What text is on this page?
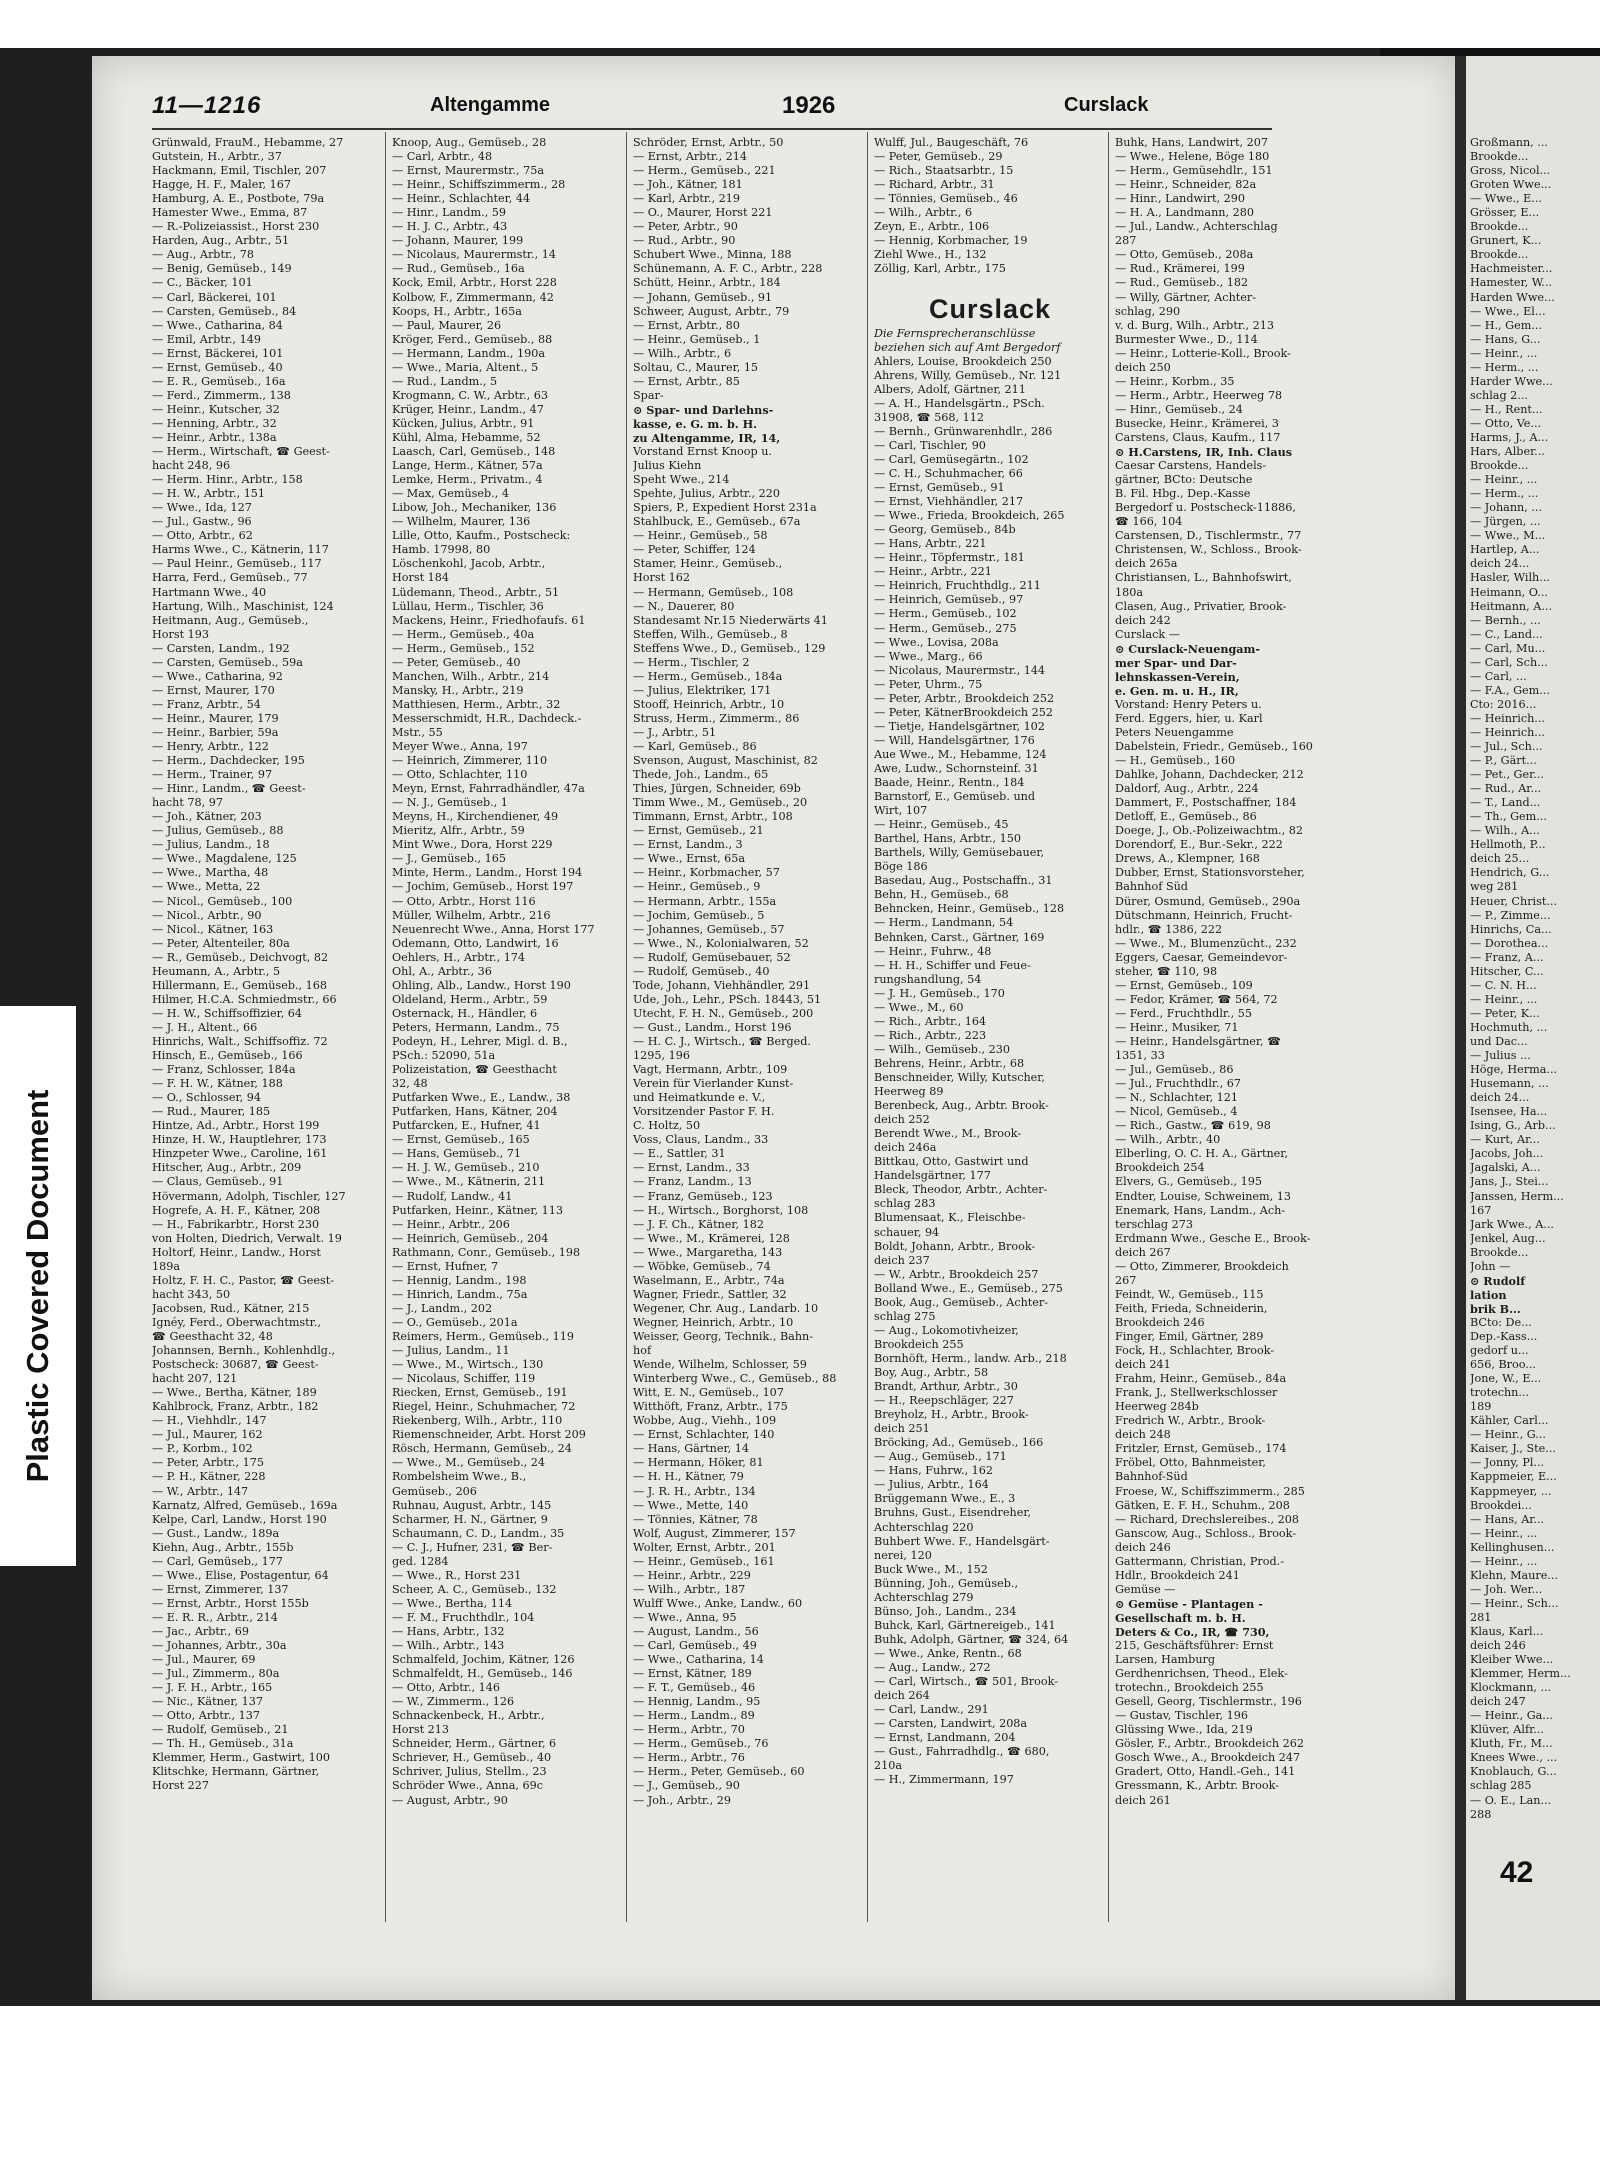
Plastic Covered Document
11—1216	Altengamme	1926	Curslack
Grünwald, FrauM., Hebamme, 27
Gutstein, H., Arbtr., 37
Hackmann, Emil, Tischler, 207
Hagge, H. F., Maler, 167
Hamburg, A. E., Postbote, 79a
Hamester Wwe., Emma, 87
— R.-Polizeiassist., Horst 230
Harden, Aug., Arbtr., 51
— Aug., Arbtr., 78
— Benig, Gemüseb., 149
— C., Bäcker, 101
— Carl, Bäckerei, 101
— Carsten, Gemüseb., 84
— Wwe., Catharina, 84
— Emil, Arbtr., 149
— Ernst, Bäckerei, 101
— Ernst, Gemüseb., 40
— E. R., Gemüseb., 16a
— Ferd., Zimmerm., 138
— Heinr., Kutscher, 32
— Henning, Arbtr., 32
— Heinr., Arbtr., 138a
— Herm., Wirtschaft, ☎ Geest-
hacht 248, 96
— Herm. Hinr., Arbtr., 158
— H. W., Arbtr., 151
— Wwe., Ida, 127
— Jul., Gastw., 96
— Otto, Arbtr., 62
Harms Wwe., C., Kätnerin, 117
— Paul Heinr., Gemüseb., 117
Harra, Ferd., Gemüseb., 77
Hartmann Wwe., 40
Hartung, Wilh., Maschinist, 124
Heitmann, Aug., Gemüseb.,
Horst 193
— Carsten, Landm., 192
— Carsten, Gemüseb., 59a
— Wwe., Catharina, 92
— Ernst, Maurer, 170
— Franz, Arbtr., 54
— Heinr., Maurer, 179
— Heinr., Barbier, 59a
— Henry, Arbtr., 122
— Herm., Dachdecker, 195
— Herm., Trainer, 97
— Hinr., Landm., ☎ Geest-
hacht 78, 97
— Joh., Kätner, 203
— Julius, Gemüseb., 88
— Julius, Landm., 18
— Wwe., Magdalene, 125
— Wwe., Martha, 48
— Wwe., Metta, 22
— Nicol., Gemüseb., 100
— Nicol., Arbtr., 90
— Nicol., Kätner, 163
— Peter, Altenteiler, 80a
— R., Gemüseb., Deichvogt, 82
Heumann, A., Arbtr., 5
Hillermann, E., Gemüseb., 168
Hilmer, H.C.A. Schmiedmstr., 66
— H. W., Schiffsoffizier, 64
— J. H., Altent., 66
Hinrichs, Walt., Schiffsoffiz. 72
Hinsch, E., Gemüseb., 166
— Franz, Schlosser, 184a
— F. H. W., Kätner, 188
— O., Schlosser, 94
— Rud., Maurer, 185
Hintze, Ad., Arbtr., Horst 199
Hinze, H. W., Hauptlehrer, 173
Hinzpeter Wwe., Caroline, 161
Hitscher, Aug., Arbtr., 209
— Claus, Gemüseb., 91
Hövermann, Adolph, Tischler, 127
Hogrefe, A. H. F., Kätner, 208
— H., Fabrikarbtr., Horst 230
von Holten, Diedrich, Verwalt. 19
Holtorf, Heinr., Landw., Horst
189a
Holtz, F. H. C., Pastor, ☎ Geest-
hacht 343, 50
Jacobsen, Rud., Kätner, 215
Ignéy, Ferd., Oberwachtmstr.,
☎ Geesthacht 32, 48
Johannsen, Bernh., Kohlenhdlg.,
Postscheck: 30687, ☎ Geest-
hacht 207, 121
— Wwe., Bertha, Kätner, 189
Kahlbrock, Franz, Arbtr., 182
— H., Viehhdlr., 147
— Jul., Maurer, 162
— P., Korbm., 102
— Peter, Arbtr., 175
— P. H., Kätner, 228
— W., Arbtr., 147
Karnatz, Alfred, Gemüseb., 169a
Kelpe, Carl, Landw., Horst 190
— Gust., Landw., 189a
Kiehn, Aug., Arbtr., 155b
— Carl, Gemüseb., 177
— Wwe., Elise, Postagentur, 64
— Ernst, Zimmerer, 137
— Ernst, Arbtr., Horst 155b
— E. R. R., Arbtr., 214
— Jac., Arbtr., 69
— Johannes, Arbtr., 30a
— Jul., Maurer, 69
— Jul., Zimmerm., 80a
— J. F. H., Arbtr., 165
— Nic., Kätner, 137
— Otto, Arbtr., 137
— Rudolf, Gemüseb., 21
— Th. H., Gemüseb., 31a
Klemmer, Herm., Gastwirt, 100
Klitschke, Hermann, Gärtner,
Horst 227
Knoop, Aug., Gemüseb., 28
— Carl, Arbtr., 48
— Ernst, Maurermstr., 75a
— Heinr., Schiffszimmerm., 28
— Heinr., Schlachter, 44
— Hinr., Landm., 59
— H. J. C., Arbtr., 43
— Johann, Maurer, 199
— Nicolaus, Maurermstr., 14
— Rud., Gemüseb., 16a
Kock, Emil, Arbtr., Horst 228
Kolbow, F., Zimmermann, 42
Koops, H., Arbtr., 165a
— Paul, Maurer, 26
Kröger, Ferd., Gemüseb., 88
— Hermann, Landm., 190a
— Wwe., Maria, Altent., 5
— Rud., Landm., 5
Krogmann, C. W., Arbtr., 63
Krüger, Heinr., Landm., 47
Kücken, Julius, Arbtr., 91
Kühl, Alma, Hebamme, 52
Laasch, Carl, Gemüseb., 148
Lange, Herm., Kätner, 57a
Lemke, Herm., Privatm., 4
— Max, Gemüseb., 4
Libow, Joh., Mechaniker, 136
— Wilhelm, Maurer, 136
Lille, Otto, Kaufm., Postscheck:
Hamb. 17998, 80
Löschenkohl, Jacob, Arbtr.,
Horst 184
Lüdemann, Theod., Arbtr., 51
Lüllau, Herm., Tischler, 36
Mackens, Heinr., Friedhofaufs. 61
— Herm., Gemüseb., 40a
— Herm., Gemüseb., 152
— Peter, Gemüseb., 40
Manchen, Wilh., Arbtr., 214
Mansky, H., Arbtr., 219
Matthiesen, Herm., Arbtr., 32
Messerschmidt, H.R., Dachdeck.-
Mstr., 55
Meyer Wwe., Anna, 197
— Heinrich, Zimmerer, 110
— Otto, Schlachter, 110
Meyn, Ernst, Fahrradhändler, 47a
— N. J., Gemüseb., 1
Meyns, H., Kirchendiener, 49
Mieritz, Alfr., Arbtr., 59
Mint Wwe., Dora, Horst 229
— J., Gemüseb., 165
Minte, Herm., Landm., Horst 194
— Jochim, Gemüseb., Horst 197
— Otto, Arbtr., Horst 116
Müller, Wilhelm, Arbtr., 216
Neuenrecht Wwe., Anna, Horst 177
Odemann, Otto, Landwirt, 16
Oehlers, H., Arbtr., 174
Ohl, A., Arbtr., 36
Ohling, Alb., Landw., Horst 190
Oldeland, Herm., Arbtr., 59
Osternack, H., Händler, 6
Peters, Hermann, Landm., 75
Podeyn, H., Lehrer, Migl. d. B.,
PSch.: 52090, 51a
Polizeistation, ☎ Geesthacht
32, 48
Putfarken Wwe., E., Landw., 38
Putfarken, Hans, Kätner, 204
Putfarcken, E., Hufner, 41
— Ernst, Gemüseb., 165
— Hans, Gemüseb., 71
— H. J. W., Gemüseb., 210
— Wwe., M., Kätnerin, 211
— Rudolf, Landw., 41
Putfarken, Heinr., Kätner, 113
— Heinr., Arbtr., 206
— Heinrich, Gemüseb., 204
Rathmann, Conr., Gemüseb., 198
— Ernst, Hufner, 7
— Hennig, Landm., 198
— Hinrich, Landm., 75a
— J., Landm., 202
— O., Gemüseb., 201a
Reimers, Herm., Gemüseb., 119
— Julius, Landm., 11
— Wwe., M., Wirtsch., 130
— Nicolaus, Schiffer, 119
Riecken, Ernst, Gemüseb., 191
Riegel, Heinr., Schuhmacher, 72
Riekenberg, Wilh., Arbtr., 110
Riemenschneider, Arbt. Horst 209
Rösch, Hermann, Gemüseb., 24
— Wwe., M., Gemüseb., 24
Rombelsheim Wwe., B.,
Gemüseb., 206
Ruhnau, August, Arbtr., 145
Scharmer, H. N., Gärtner, 9
Schaumann, C. D., Landm., 35
— C. J., Hufner, 231, ☎ Ber-
ged. 1284
— Wwe., R., Horst 231
Scheer, A. C., Gemüseb., 132
— Wwe., Bertha, 114
— F. M., Fruchthdlr., 104
— Hans, Arbtr., 132
— Wilh., Arbtr., 143
Schmalfeld, Jochim, Kätner, 126
Schmalfeldt, H., Gemüseb., 146
— Otto, Arbtr., 146
— W., Zimmerm., 126
Schnackenbeck, H., Arbtr.,
Horst 213
Schneider, Herm., Gärtner, 6
Schriever, H., Gemüseb., 40
Schriver, Julius, Stellm., 23
Schröder Wwe., Anna, 69c
— August, Arbtr., 90
Schröder, Ernst, Arbtr., 50
— Ernst, Arbtr., 214
— Herm., Gemüseb., 221
— Joh., Kätner, 181
— Karl, Arbtr., 219
— O., Maurer, Horst 221
— Peter, Arbtr., 90
— Rud., Arbtr., 90
Schubert Wwe., Minna, 188
Schünemann, A. F. C., Arbtr., 228
Schütt, Heinr., Arbtr., 184
— Johann, Gemüseb., 91
Schweer, August, Arbtr., 79
— Ernst, Arbtr., 80
— Heinr., Gemüseb., 1
— Wilh., Arbtr., 6
Soltau, C., Maurer, 15
— Ernst, Arbtr., 85
Spar-
⊙ Spar- und Darlehns-
kasse, e. G. m. b. H.
zu Altengamme, IR, 14,
Vorstand Ernst Knoop u.
Julius Kiehn
Speht Wwe., 214
Spehte, Julius, Arbtr., 220
Spiers, P., Expedient Horst 231a
Stahlbuck, E., Gemüseb., 67a
— Heinr., Gemüseb., 58
— Peter, Schiffer, 124
Stamer, Heinr., Gemüseb.,
Horst 162
— Hermann, Gemüseb., 108
— N., Dauerer, 80
Standesamt Nr.15 Niederwärts 41
Steffen, Wilh., Gemüseb., 8
Steffens Wwe., D., Gemüseb., 129
— Herm., Tischler, 2
— Herm., Gemüseb., 184a
— Julius, Elektriker, 171
Stooff, Heinrich, Arbtr., 10
Struss, Herm., Zimmerm., 86
— J., Arbtr., 51
— Karl, Gemüseb., 86
Svenson, August, Maschinist, 82
Thede, Joh., Landm., 65
Thies, Jürgen, Schneider, 69b
Timm Wwe., M., Gemüseb., 20
Timmann, Ernst, Arbtr., 108
— Ernst, Gemüseb., 21
— Ernst, Landm., 3
— Wwe., Ernst, 65a
— Heinr., Korbmacher, 57
— Heinr., Gemüseb., 9
— Hermann, Arbtr., 155a
— Jochim, Gemüseb., 5
— Johannes, Gemüseb., 57
— Wwe., N., Kolonialwaren, 52
— Rudolf, Gemüsebauer, 52
— Rudolf, Gemüseb., 40
Tode, Johann, Viehhändler, 291
Ude, Joh., Lehr., PSch. 18443, 51
Utecht, F. H. N., Gemüseb., 200
— Gust., Landm., Horst 196
— H. C. J., Wirtsch., ☎ Berged.
1295, 196
Vagt, Hermann, Arbtr., 109
Verein für Vierlander Kunst-
und Heimatkunde e. V.,
Vorsitzender Pastor F. H.
C. Holtz, 50
Voss, Claus, Landm., 33
— E., Sattler, 31
— Ernst, Landm., 33
— Franz, Landm., 13
— Franz, Gemüseb., 123
— H., Wirtsch., Borghorst, 108
— J. F. Ch., Kätner, 182
— Wwe., M., Krämerei, 128
— Wwe., Margaretha, 143
— Wöbke, Gemüseb., 74
Waselmann, E., Arbtr., 74a
Wagner, Friedr., Sattler, 32
Wegener, Chr. Aug., Landarb. 10
Wegner, Heinrich, Arbtr., 10
Weisser, Georg, Technik., Bahn-
hof
Wende, Wilhelm, Schlosser, 59
Winterberg Wwe., C., Gemüseb., 88
Witt, E. N., Gemüseb., 107
Witthöft, Franz, Arbtr., 175
Wobbe, Aug., Viehh., 109
— Ernst, Schlachter, 140
— Hans, Gärtner, 14
— Hermann, Höker, 81
— H. H., Kätner, 79
— J. R. H., Arbtr., 134
— Wwe., Mette, 140
— Tönnies, Kätner, 78
Wolf, August, Zimmerer, 157
Wolter, Ernst, Arbtr., 201
— Heinr., Gemüseb., 161
— Heinr., Arbtr., 229
— Wilh., Arbtr., 187
Wulff Wwe., Anke, Landw., 60
— Wwe., Anna, 95
— August, Landm., 56
— Carl, Gemüseb., 49
— Wwe., Catharina, 14
— Ernst, Kätner, 189
— F. T., Gemüseb., 46
— Hennig, Landm., 95
— Herm., Landm., 89
— Herm., Arbtr., 70
— Herm., Gemüseb., 76
— Herm., Arbtr., 76
— Herm., Peter, Gemüseb., 60
— J., Gemüseb., 90
— Joh., Arbtr., 29
Wulff, Jul., Baugeschäft, 76
— Peter, Gemüseb., 29
— Rich., Staatsarbtr., 15
— Richard, Arbtr., 31
— Tönnies, Gemüseb., 46
— Wilh., Arbtr., 6
Zeyn, E., Arbtr., 106
— Hennig, Korbmacher, 19
Ziehl Wwe., H., 132
Zöllig, Karl, Arbtr., 175

Curslack
Die Fernsprecheranschlüsse
beziehen sich auf Amt Bergedorf
Ahlers, Louise, Brookdeich 250
Ahrens, Willy, Gemüseb., Nr. 121
Albers, Adolf, Gärtner, 211
— A. H., Handelsgärtn., PSch.
31908, ☎ 568, 112
— Bernh., Grünwarenhdlr., 286
— Carl, Tischler, 90
— Carl, Gemüsegärtn., 102
— C. H., Schuhmacher, 66
— Ernst, Gemüseb., 91
— Ernst, Viehhändler, 217
— Wwe., Frieda, Brookdeich, 265
— Georg, Gemüseb., 84b
— Hans, Arbtr., 221
— Heinr., Töpfermstr., 181
— Heinr., Arbtr., 221
— Heinrich, Fruchthdlg., 211
— Heinrich, Gemüseb., 97
— Herm., Gemüseb., 102
— Herm., Gemüseb., 275
— Wwe., Lovisa, 208a
— Wwe., Marg., 66
— Nicolaus, Maurermstr., 144
— Peter, Uhrm., 75
— Peter, Arbtr., Brookdeich 252
— Peter, KätnerBrookdeich 252
— Tietje, Handelsgärtner, 102
— Will, Handelsgärtner, 176
Aue Wwe., M., Hebamme, 124
Awe, Ludw., Schornsteinf. 31
Baade, Heinr., Rentn., 184
Barnstorf, E., Gemüseb. und
Wirt, 107
— Heinr., Gemüseb., 45
Barthel, Hans, Arbtr., 150
Barthels, Willy, Gemüsebauer,
Böge 186
Basedau, Aug., Postschaffn., 31
Behn, H., Gemüseb., 68
Behncken, Heinr., Gemüseb., 128
— Herm., Landmann, 54
Behnken, Carst., Gärtner, 169
— Heinr., Fuhrw., 48
— H. H., Schiffer und Feue-
rungshandlung, 54
— J. H., Gemüseb., 170
— Wwe., M., 60
— Rich., Arbtr., 164
— Rich., Arbtr., 223
— Wilh., Gemüseb., 230
Behrens, Heinr., Arbtr., 68
Benschneider, Willy, Kutscher,
Heerweg 89
Berenbeck, Aug., Arbtr. Brook-
deich 252
Berendt Wwe., M., Brook-
deich 246a
Bittkau, Otto, Gastwirt und
Handelsgärtner, 177
Bleck, Theodor, Arbtr., Achter-
schlag 283
Blumensaat, K., Fleischbe-
schauer, 94
Boldt, Johann, Arbtr., Brook-
deich 237
— W., Arbtr., Brookdeich 257
Bolland Wwe., E., Gemüseb., 275
Book, Aug., Gemüseb., Achter-
schlag 275
— Aug., Lokomotivheizer,
Brookdeich 255
Bornhöft, Herm., landw. Arb., 218
Boy, Aug., Arbtr., 58
Brandt, Arthur, Arbtr., 30
— H., Reepschläger, 227
Breyholz, H., Arbtr., Brook-
deich 251
Bröcking, Ad., Gemüseb., 166
— Aug., Gemüseb., 171
— Hans, Fuhrw., 162
— Julius, Arbtr., 164
Brüggemann Wwe., E., 3
Bruhns, Gust., Eisendreher,
Achterschlag 220
Buhbert Wwe. F., Handelsgärt-
nerei, 120
Buck Wwe., M., 152
Bünning, Joh., Gemüseb.,
Achterschlag 279
Bünso, Joh., Landm., 234
Buhck, Karl, Gärtnereigeb., 141
Buhk, Adolph, Gärtner, ☎ 324, 64
— Wwe., Anke, Rentn., 68
— Aug., Landw., 272
— Carl, Wirtsch., ☎ 501, Brook-
deich 264
— Carl, Landw., 291
— Carsten, Landwirt, 208a
— Ernst, Landmann, 204
— Gust., Fahrradhdlg., ☎ 680,
210a
— H., Zimmermann, 197
Buhk, Hans, Landwirt, 207
— Wwe., Helene, Böge 180
— Herm., Gemüsehdlr., 151
— Heinr., Schneider, 82a
— Hinr., Landwirt, 290
— H. A., Landmann, 280
— Jul., Landw., Achterschlag
287
— Otto, Gemüseb., 208a
— Rud., Krämerei, 199
— Rud., Gemüseb., 182
— Willy, Gärtner, Achter-
schlag, 290
v. d. Burg, Wilh., Arbtr., 213
Burmester Wwe., D., 114
— Heinr., Lotterie-Koll., Brook-
deich 250
— Heinr., Korbm., 35
— Herm., Arbtr., Heerweg 78
— Hinr., Gemüseb., 24
Busecke, Heinr., Krämerei, 3
Carstens, Claus, Kaufm., 117
⊙ H.Carstens, IR, Inh. Claus
Caesar Carstens, Handels-
gärtner, BCto: Deutsche
B. Fil. Hbg., Dep.-Kasse
Bergedorf u. Postscheck-11886,
☎ 166, 104
Carstensen, D., Tischlermstr., 77
Christensen, W., Schloss., Brook-
deich 265a
Christiansen, L., Bahnhofswirt,
180a
Clasen, Aug., Privatier, Brook-
deich 242
Curslack —
⊙ Curslack-Neuengam-
mer Spar- und Dar-
lehnskassen-Verein,
e. Gen. m. u. H., IR,
Vorstand: Henry Peters u.
Ferd. Eggers, hier, u. Karl
Peters Neuengamme
Dabelstein, Friedr., Gemüseb., 160
— H., Gemüseb., 160
Dahlke, Johann, Dachdecker, 212
Daldorf, Aug., Arbtr., 224
Dammert, F., Postschaffner, 184
Detloff, E., Gemüseb., 86
Doege, J., Ob.-Polizeiwachtm., 82
Dorendorf, E., Bur.-Sekr., 222
Drews, A., Klempner, 168
Dubber, Ernst, Stationsvorsteher,
Bahnhof Süd
Dürer, Osmund, Gemüseb., 290a
Dütschmann, Heinrich, Frucht-
hdlr., ☎ 1386, 222
— Wwe., M., Blumenzücht., 232
Eggers, Caesar, Gemeindevor-
steher, ☎ 110, 98
— Ernst, Gemüseb., 109
— Fedor, Krämer, ☎ 564, 72
— Ferd., Fruchthdlr., 55
— Heinr., Musiker, 71
— Heinr., Handelsgärtner, ☎
1351, 33
— Jul., Gemüseb., 86
— Jul., Fruchthdlr., 67
— N., Schlachter, 121
— Nicol, Gemüseb., 4
— Rich., Gastw., ☎ 619, 98
— Wilh., Arbtr., 40
Elberling, O. C. H. A., Gärtner,
Brookdeich 254
Elvers, G., Gemüseb., 195
Endter, Louise, Schweinem, 13
Enemark, Hans, Landm., Ach-
terschlag 273
Erdmann Wwe., Gesche E., Brook-
deich 267
— Otto, Zimmerer, Brookdeich
267
Feindt, W., Gemüseb., 115
Feith, Frieda, Schneiderin,
Brookdeich 246
Finger, Emil, Gärtner, 289
Fock, H., Schlachter, Brook-
deich 241
Frahm, Heinr., Gemüseb., 84a
Frank, J., Stellwerkschlosser
Heerweg 284b
Fredrich W., Arbtr., Brook-
deich 248
Fritzler, Ernst, Gemüseb., 174
Fröbel, Otto, Bahnmeister,
Bahnhof-Süd
Froese, W., Schiffszimmerm., 285
Gätken, E. F. H., Schuhm., 208
— Richard, Drechslereibes., 208
Ganscow, Aug., Schloss., Brook-
deich 246
Gattermann, Christian, Prod.-
Hdlr., Brookdeich 241
Gemüse —
⊙ Gemüse - Plantagen -
Gesellschaft m. b. H.
Deters & Co., IR, ☎ 730,
215, Geschäftsführer: Ernst
Larsen, Hamburg
Gerdhenrichsen, Theod., Elek-
trotechn., Brookdeich 255
Gesell, Georg, Tischlermstr., 196
— Gustav, Tischler, 196
Glüssing Wwe., Ida, 219
Gösler, F., Arbtr., Brookdeich 262
Gosch Wwe., A., Brookdeich 247
Gradert, Otto, Handl.-Geh., 141
Gressmann, K., Arbtr. Brook-
deich 261
Großmann, ...
Brookde...
Gross, Nicol...
Groten Wwe...
— Wwe., E...
Grösser, E...
Brookde...
Grunert, K...
Brookde...
Hachmeister...
Hamester, W...
Harden Wwe...
— Wwe., El...
— H., Gem...
— Hans, G...
— Heinr., ...
— Herm., ...
Harder Wwe...
schlag 2...
— H., Rent...
— Otto, Ve...
Harms, J., A...
Hars, Alber...
Brookde...
— Heinr., ...
— Herm., ...
— Johann, ...
— Jürgen, ...
— Wwe., M...
Hartlep, A...
deich 24...
Hasler, Wilh...
Heimann, O...
Heitmann, A...
— Bernh., ...
— C., Land...
— Carl, Mu...
— Carl, Sch...
— Carl, ...
— F.A., Gem...
Cto: 2016...
— Heinrich...
— Heinrich...
— Jul., Sch...
— P., Gärt...
— Pet., Ger...
— Rud., Ar...
— T., Land...
— Th., Gem...
— Wilh., A...
Hellmoth, P...
deich 25...
Hendrich, G...
weg 281
Heuer, Christ...
— P., Zimme...
Hinrichs, Ca...
— Dorothea...
— Franz, A...
Hitscher, C...
— C. N. H...
— Heinr., ...
— Peter, K...
Hochmuth, ...
und Dac...
— Julius ...
Höge, Herma...
Husemann, ...
deich 24...
Isensee, Ha...
Ising, G., Arb...
— Kurt, Ar...
Jacobs, Joh...
Jagalski, A...
Jans, J., Stei...
Janssen, Herm...
167
Jark Wwe., A...
Jenkel, Aug...
Brookde...
John —
⊙ Rudolf
lation
brik B...
BCto: De...
Dep.-Kass...
gedorf u...
656, Broo...
Jone, W., E...
trotechn...
189
Kähler, Carl...
— Heinr., G...
Kaiser, J., Ste...
— Jonny, Pl...
Kappmeier, E...
Kappmeyer, ...
Brookdei...
— Hans, Ar...
— Heinr., ...
Kellinghusen...
— Heinr., ...
Klehn, Maure...
— Joh. Wer...
— Heinr., Sch...
281
Klaus, Karl...
deich 246
Kleiber Wwe...
Klemmer, Herm...
Klockmann, ...
deich 247
— Heinr., Ga...
Klüver, Alfr...
Kluth, Fr., M...
Knees Wwe., ...
Knoblauch, G...
schlag 285
— O. E., Lan...
288
42
